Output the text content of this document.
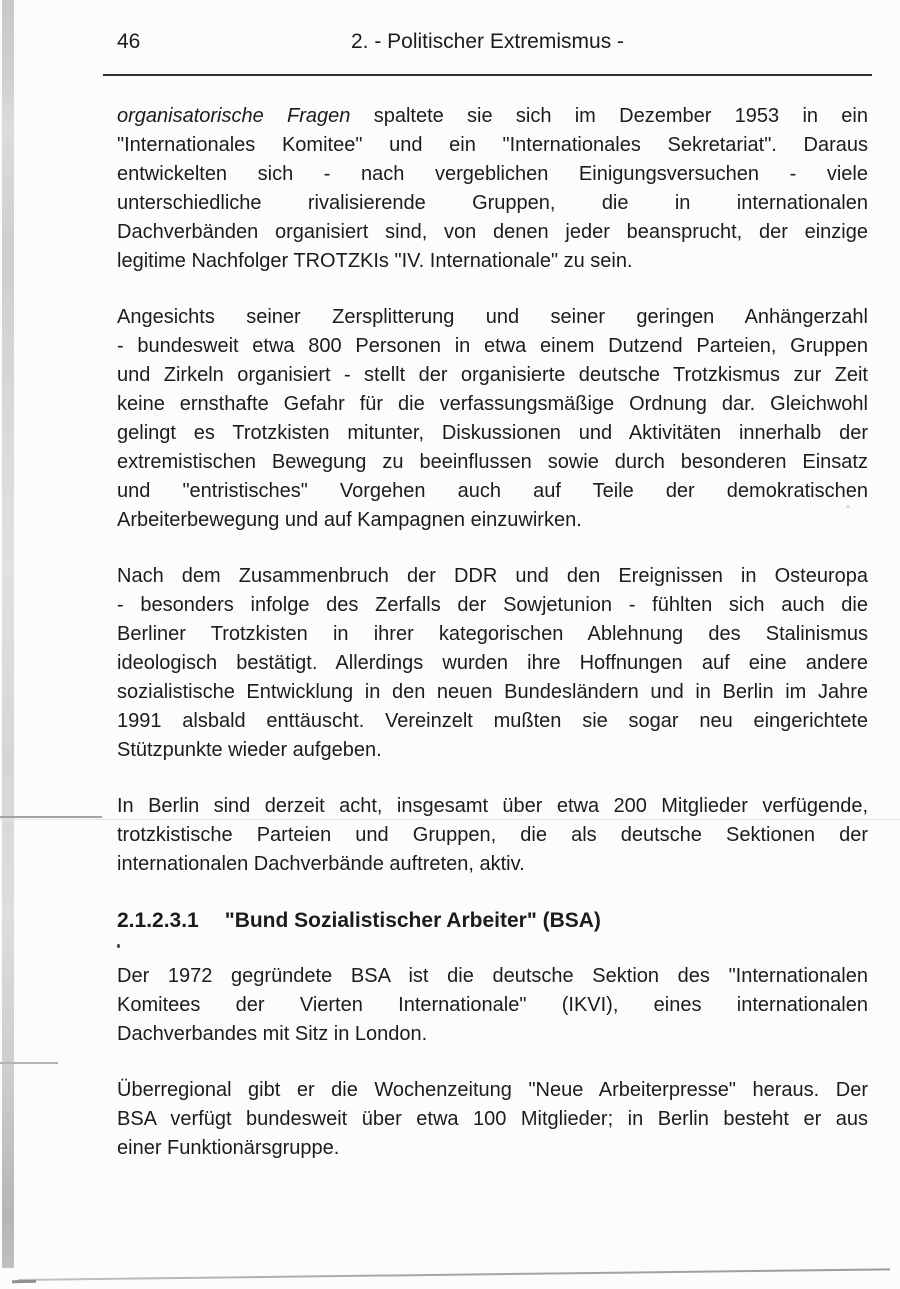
46	2. - Politischer Extremismus -
organisatorische Fragen spaltete sie sich im Dezember 1953 in ein
"Internationales Komitee" und ein "Internationales Sekretariat". Daraus
entwickelten sich - nach vergeblichen Einigungsversuchen - viele
unterschiedliche rivalisierende Gruppen, die in internationalen
Dachverbänden organisiert sind, von denen jeder beansprucht, der einzige
legitime Nachfolger TROTZKIs "IV. Internationale" zu sein.
Angesichts seiner Zersplitterung und seiner geringen Anhängerzahl
- bundesweit etwa 800 Personen in etwa einem Dutzend Parteien, Gruppen
und Zirkeln organisiert - stellt der organisierte deutsche Trotzkismus zur Zeit
keine ernsthafte Gefahr für die verfassungsmäßige Ordnung dar. Gleichwohl
gelingt es Trotzkisten mitunter, Diskussionen und Aktivitäten innerhalb der
extremistischen Bewegung zu beeinflussen sowie durch besonderen Einsatz
und "entristisches" Vorgehen auch auf Teile der demokratischen
Arbeiterbewegung und auf Kampagnen einzuwirken.
Nach dem Zusammenbruch der DDR und den Ereignissen in Osteuropa
- besonders infolge des Zerfalls der Sowjetunion - fühlten sich auch die
Berliner Trotzkisten in ihrer kategorischen Ablehnung des Stalinismus
ideologisch bestätigt. Allerdings wurden ihre Hoffnungen auf eine andere
sozialistische Entwicklung in den neuen Bundesländern und in Berlin im Jahre
1991 alsbald enttäuscht. Vereinzelt mußten sie sogar neu eingerichtete
Stützpunkte wieder aufgeben.
In Berlin sind derzeit acht, insgesamt über etwa 200 Mitglieder verfügende,
trotzkistische Parteien und Gruppen, die als deutsche Sektionen der
internationalen Dachverbände auftreten, aktiv.
2.1.2.3.1 "Bund Sozialistischer Arbeiter" (BSA)
Der 1972 gegründete BSA ist die deutsche Sektion des "Internationalen
Komitees der Vierten Internationale" (IKVI), eines internationalen
Dachverbandes mit Sitz in London.
Überregional gibt er die Wochenzeitung "Neue Arbeiterpresse" heraus. Der
BSA verfügt bundesweit über etwa 100 Mitglieder; in Berlin besteht er aus
einer Funktionärsgruppe.
